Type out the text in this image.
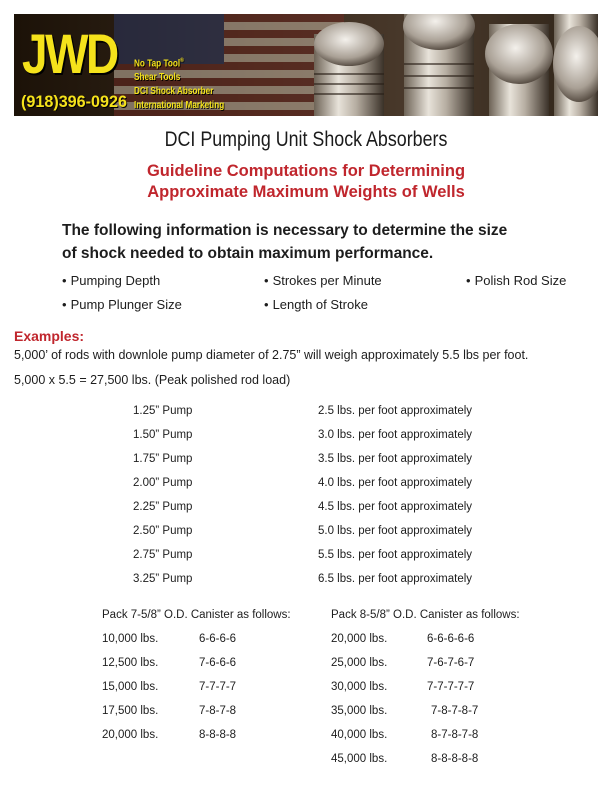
JWD
(918)396-0926
No Tap Tool®
Shear Tools
DCI Shock Absorber
International Marketing
DCI Pumping Unit Shock Absorbers
Guideline Computations for Determining
Approximate Maximum Weights of Wells
The following information is necessary to determine the size
of shock needed to obtain maximum performance.
• Pumping Depth	• Strokes per Minute	• Polish Rod Size
• Pump Plunger Size	• Length of Stroke
Examples:
5,000’ of rods with downlole pump diameter of 2.75” will weigh approximately 5.5 lbs per foot.
5,000 x 5.5 = 27,500 lbs. (Peak polished rod load)
1.25” Pump	2.5 lbs. per foot approximately
1.50” Pump	3.0 lbs. per foot approximately
1.75” Pump	3.5 lbs. per foot approximately
2.00” Pump	4.0 lbs. per foot approximately
2.25” Pump	4.5 lbs. per foot approximately
2.50” Pump	5.0 lbs. per foot approximately
2.75” Pump	5.5 lbs. per foot approximately
3.25” Pump	6.5 lbs. per foot approximately
Pack 7-5/8” O.D. Canister as follows:
10,000 lbs.	6-6-6-6
12,500 lbs.	7-6-6-6
15,000 lbs.	7-7-7-7
17,500 lbs.	7-8-7-8
20,000 lbs.	8-8-8-8
Pack 8-5/8” O.D. Canister as follows:
20,000 lbs.	6-6-6-6-6
25,000 lbs.	7-6-7-6-7
30,000 lbs.	7-7-7-7-7
35,000 lbs.	7-8-7-8-7
40,000 lbs.	8-7-8-7-8
45,000 lbs.	8-8-8-8-8
